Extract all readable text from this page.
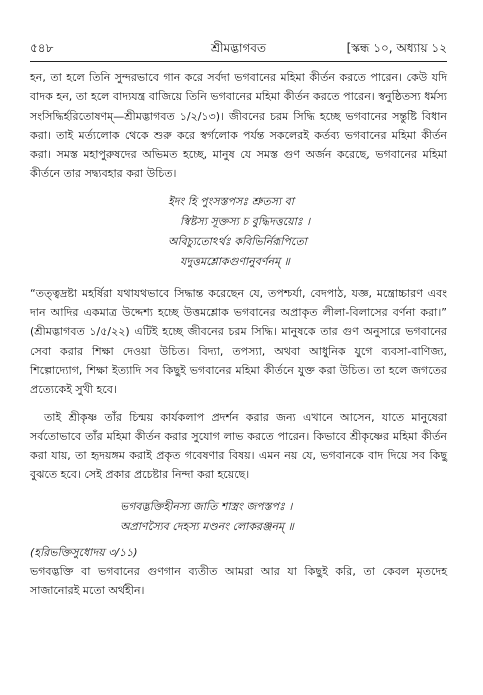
৫৪৮	শ্রীমদ্ভাগবত	[স্কন্ধ ১০, অধ্যায় ১২

হন, তা হলে তিনি সুন্দরভাবে গান করে সর্বদা ভগবানের মহিমা কীর্তন করতে পারেন। কেউ যদি বাদক হন, তা হলে বাদ্যযন্ত্র বাজিয়ে তিনি ভগবানের মহিমা কীর্তন করতে পারেন। স্বনুষ্ঠিতস্য ধর্মস্য সংসিদ্ধির্হরিতোষণম্—শ্রীমদ্ভাগবত ১/২/১৩)। জীবনের চরম সিদ্ধি হচ্ছে ভগবানের সন্তুষ্টি বিধান করা। তাই মর্ত্যলোক থেকে শুরু করে স্বর্গলোক পর্যন্ত সকলেরই কর্তব্য ভগবানের মহিমা কীর্তন করা। সমস্ত মহাপুরুষদের অভিমত হচ্ছে, মানুষ যে সমস্ত গুণ অর্জন করেছে, ভগবানের মহিমা কীর্তনে তার সদ্ব্যবহার করা উচিত।

ইদং হি পুংসস্তপসঃ শ্রুতস্য বা
স্বিষ্টস্য সূক্তস্য চ বুদ্ধিদত্তয়োঃ ।
অবিচ্যুতোঽর্থঃ কবিভির্নিরূপিতো
যদুত্তমশ্লোকগুণানুবর্ণনম্ ॥

“তত্ত্বদ্রষ্টা মহর্ষিরা যথাযথভাবে সিদ্ধান্ত করেছেন যে, তপশ্চর্যা, বেদপাঠ, যজ্ঞ, মন্ত্রোচ্চারণ এবং দান আদির একমাত্র উদ্দেশ্য হচ্ছে উত্তমশ্লোক ভগবানের অপ্রাকৃত লীলা-বিলাসের বর্ণনা করা।” (শ্রীমদ্ভাগবত ১/৫/২২) এটিই হচ্ছে জীবনের চরম সিদ্ধি। মানুষকে তার গুণ অনুসারে ভগবানের সেবা করার শিক্ষা দেওয়া উচিত। বিদ্যা, তপস্যা, অথবা আধুনিক যুগে ব্যবসা-বাণিজ্য, শিল্পোদ্যোগ, শিক্ষা ইত্যাদি সব কিছুই ভগবানের মহিমা কীর্তনে যুক্ত করা উচিত। তা হলে জগতের প্রত্যেকেই সুখী হবে।

তাই শ্রীকৃষ্ণ তাঁর চিন্ময় কার্যকলাপ প্রদর্শন করার জন্য এখানে আসেন, যাতে মানুষেরা সর্বতোভাবে তাঁর মহিমা কীর্তন করার সুযোগ লাভ করতে পারেন। কিভাবে শ্রীকৃষ্ণের মহিমা কীর্তন করা যায়, তা হৃদয়ঙ্গম করাই প্রকৃত গবেষণার বিষয়। এমন নয় যে, ভগবানকে বাদ দিয়ে সব কিছু বুঝতে হবে। সেই প্রকার প্রচেষ্টার নিন্দা করা হয়েছে।

ভগবদ্ভক্তিহীনস্য জাতি শাস্ত্রং জপস্তপঃ ।
অপ্রাণস্যৈব দেহস্য মণ্ডনং লোকরঞ্জনম্ ॥

(হরিভক্তিসুধোদয় ৩/১১)

ভগবদ্ভক্তি বা ভগবানের গুণগান ব্যতীত আমরা আর যা কিছুই করি, তা কেবল মৃতদেহ সাজানোরই মতো অর্থহীন।
